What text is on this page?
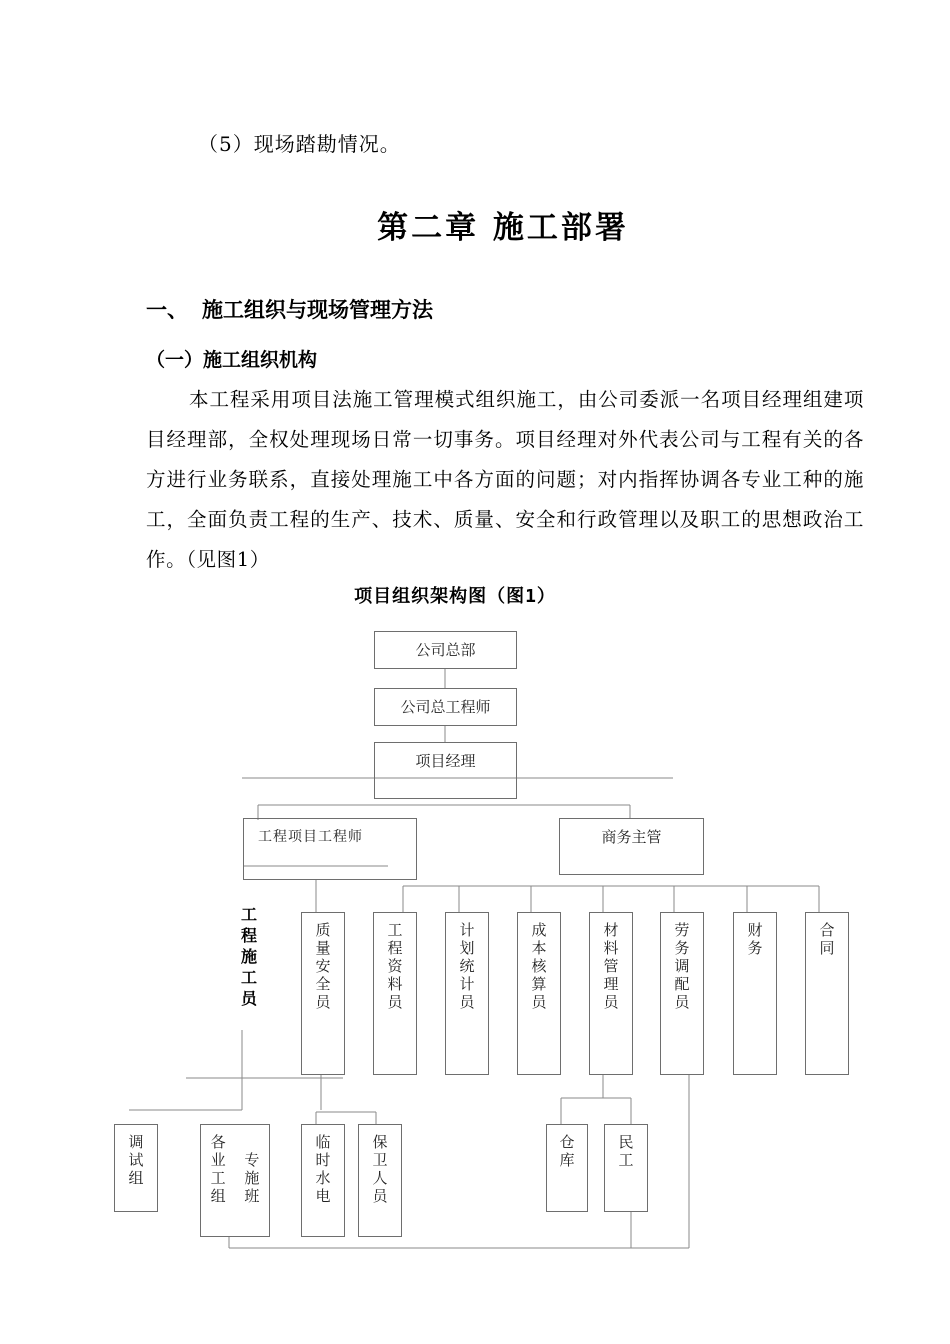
（5）现场踏勘情况。

第二章 施工部署
一、 施工组织与现场管理方法
（一）施工组织机构

本工程采用项目法施工管理模式组织施工，由公司委派一名项目经理组建项目经理部，全权处理现场日常一切事务。项目经理对外代表公司与工程有关的各方进行业务联系，直接处理施工中各方面的问题；对内指挥协调各专业工种的施工，全面负责工程的生产、技术、质量、安全和行政管理以及职工的思想政治工作。（见图1）

项目组织架构图（图1）
公司总部
公司总工程师
项目经理
工程项目工程师	商务主管
工程施工员
质量安全员
工程资料员
计划统计员
成本核算员
材料管理员
劳务调配员
财务
合同
调试组
各业工组 专施班
临时水电
保卫人员
仓库
民工
